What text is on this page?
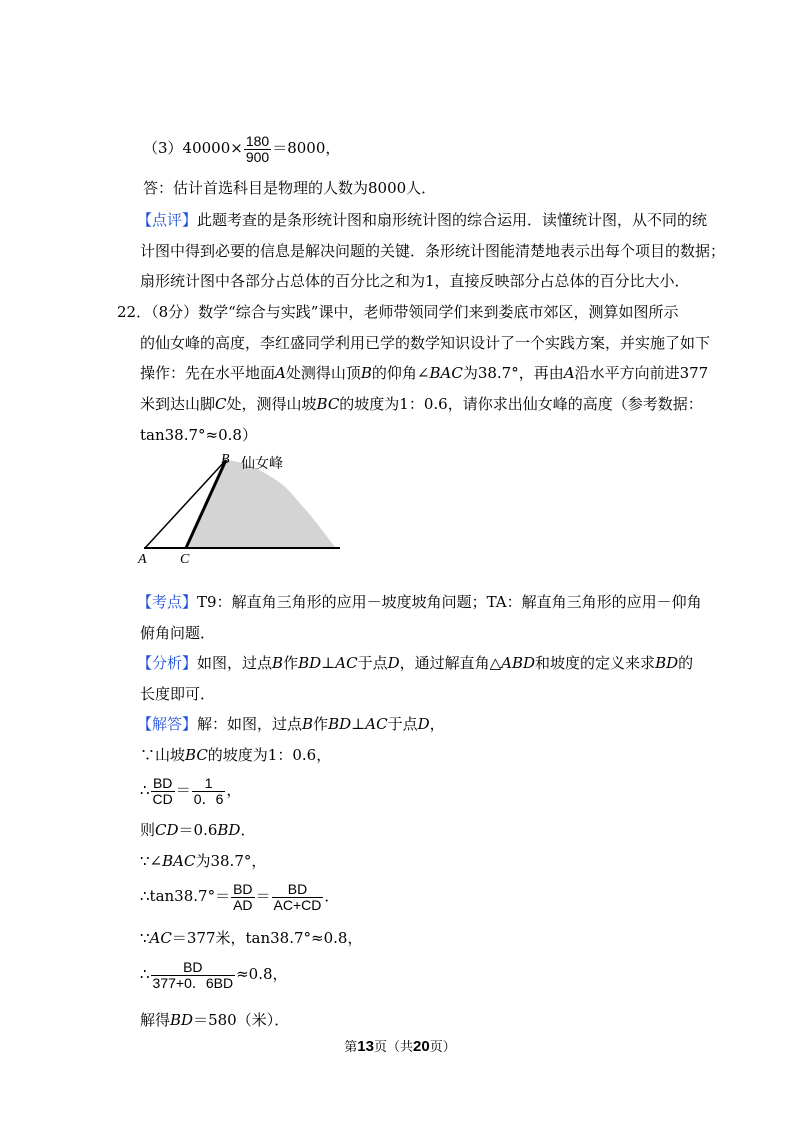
$(3)40000\times \frac{180}{900} =8000$，
答：估计首选科目是物理的人数为8000人．
【点评】此题考查的是条形统计图和扇形统计图的综合运用．读懂统计图，从不同的统
计图中得到必要的信息是解决问题的关键．条形统计图能清楚地表示出每个项目的数据；
扇形统计图中各部分占总体的百分比之和为1，直接反映部分占总体的百分比大小．
22．（8分）数学“综合与实践”课中，老师带领同学们来到娄底市郊区，测算如图所示
的仙女峰的高度，李红盛同学利用已学的数学知识设计了一个实践方案，并实施了如下
操作：先在水平地面A处测得山顶B的仰角∠BAC为38.7°，再由A沿水平方向前进377
米到达山脚C处，测得山坡BC的坡度为1：0.6，请你求出仙女峰的高度（参考数据：
tan38.7°≈0.8）
B 仙女峰
A C
【考点】T9：解直角三角形的应用－坡度坡角问题；TA：解直角三角形的应用－仰角
俯角问题．
【分析】如图，过点B作BD⊥AC于点D，通过解直角△ABD和坡度的定义来求BD的
长度即可．
【解答】解：如图，过点B作BD⊥AC于点D，
∵山坡BC的坡度为1：0.6，
∴ $\frac{BD}{CD} = \frac{1}{0.6}$ ，
则CD＝0.6BD．
∵∠BAC为38.7°，
∴tan38.7°＝ $\frac{BD}{AD} = \frac{BD}{AC+CD}$ ．
∵AC＝377米，tan38.7°≈0.8，
∴ $\frac{BD}{377+0.6BD} \approx 0.8$，
解得BD＝580（米）．
第13页（共20页）
